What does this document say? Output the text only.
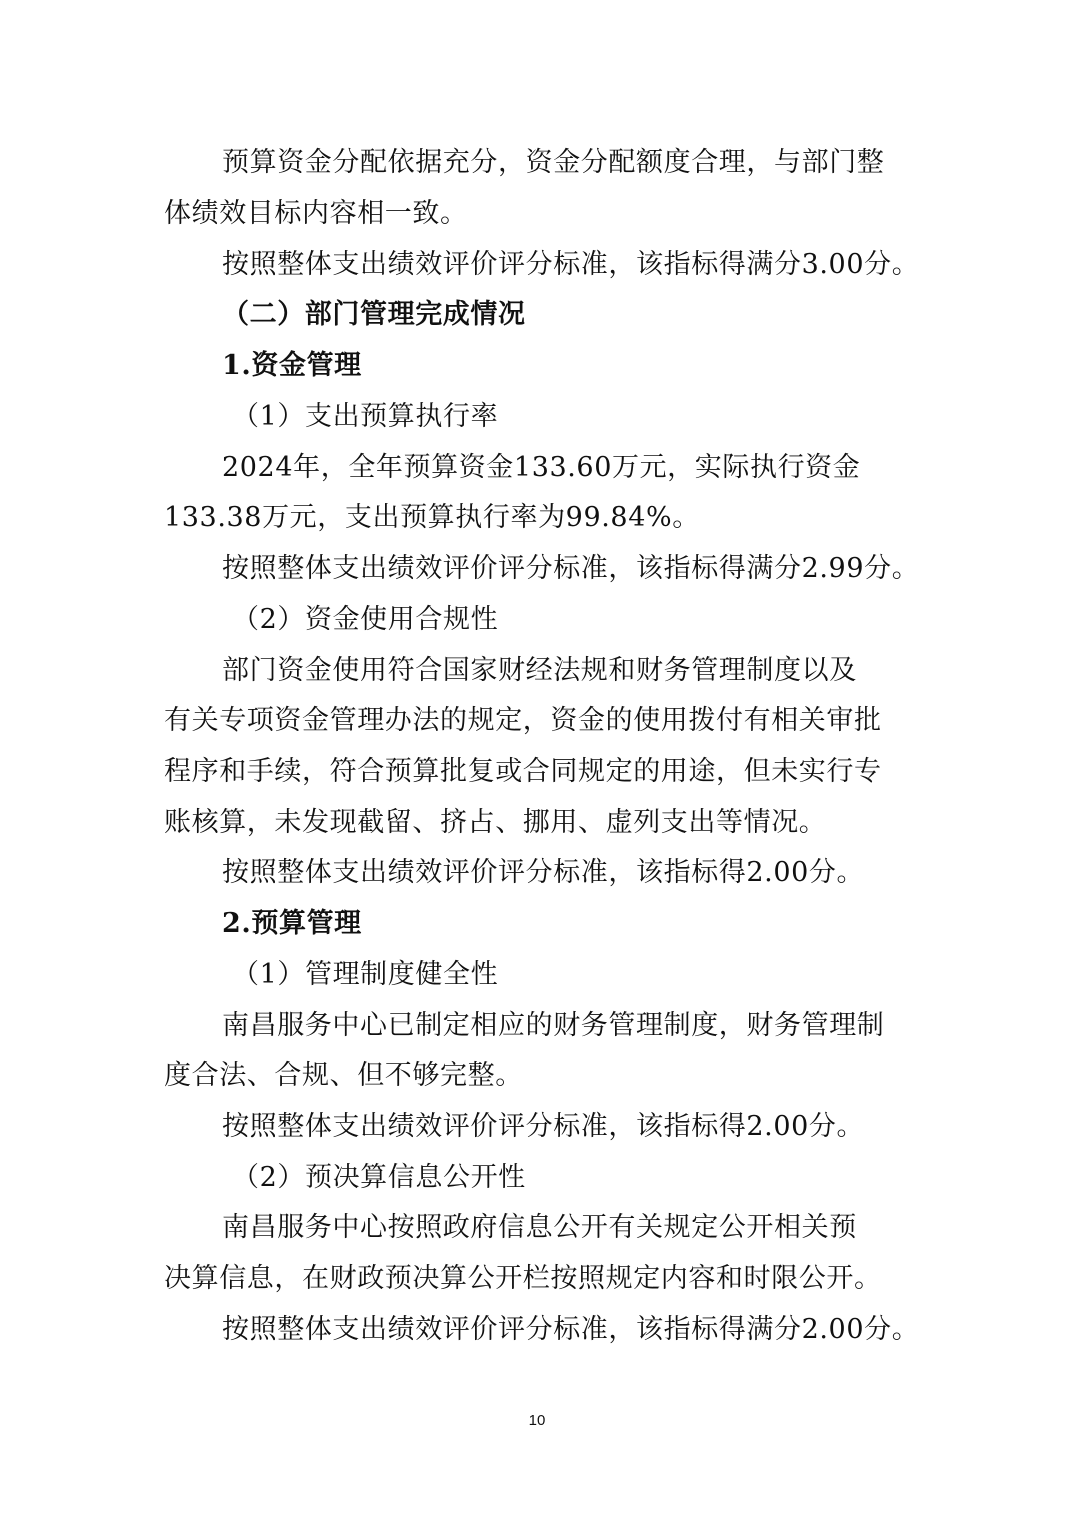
预算资金分配依据充分，资金分配额度合理，与部门整
体绩效目标内容相一致。
按照整体支出绩效评价评分标准，该指标得满分3.00分。
（二）部门管理完成情况
1.资金管理
（1）支出预算执行率
2024年，全年预算资金133.60万元，实际执行资金
133.38万元，支出预算执行率为99.84%。
按照整体支出绩效评价评分标准，该指标得满分2.99分。
（2）资金使用合规性
部门资金使用符合国家财经法规和财务管理制度以及
有关专项资金管理办法的规定，资金的使用拨付有相关审批
程序和手续，符合预算批复或合同规定的用途，但未实行专
账核算，未发现截留、挤占、挪用、虚列支出等情况。
按照整体支出绩效评价评分标准，该指标得2.00分。
2.预算管理
（1）管理制度健全性
南昌服务中心已制定相应的财务管理制度，财务管理制
度合法、合规、但不够完整。
按照整体支出绩效评价评分标准，该指标得2.00分。
（2）预决算信息公开性
南昌服务中心按照政府信息公开有关规定公开相关预
决算信息，在财政预决算公开栏按照规定内容和时限公开。
按照整体支出绩效评价评分标准，该指标得满分2.00分。
10
